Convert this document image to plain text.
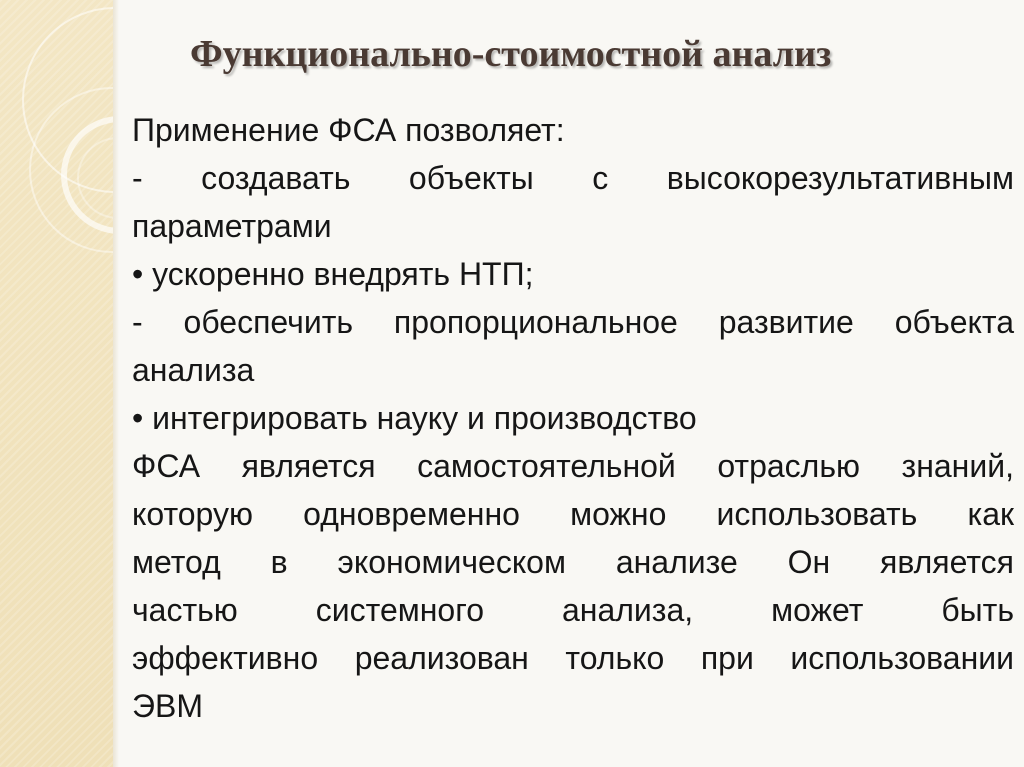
Функционально-стоимостной анализ
Применение ФСА позволяет:
- создавать объекты с высокорезультативным
параметрами
• ускоренно внедрять НТП;
- обеспечить пропорциональное развитие объекта
анализа
• интегрировать науку и производство
ФСА является самостоятельной отраслью знаний,
которую одновременно можно использовать как
метод в экономическом анализе Он является
частью системного анализа, может быть
эффективно реализован только при использовании
ЭВМ
